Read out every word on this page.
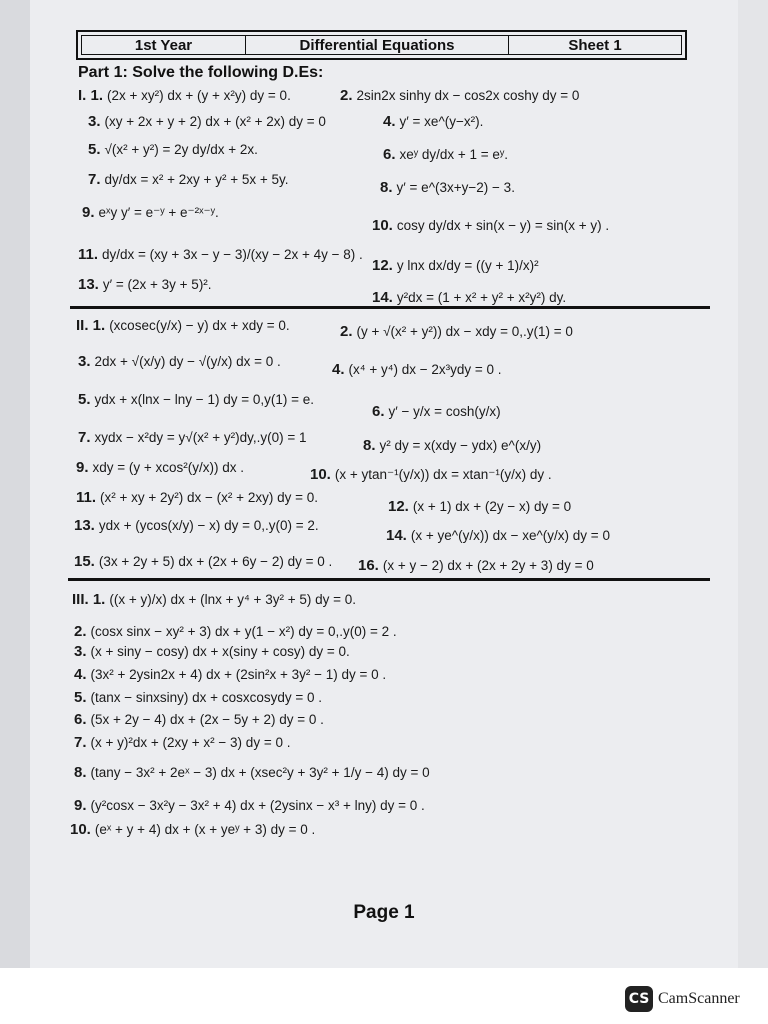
1st Year	Differential Equations	Sheet 1
Part 1: Solve the following D.Es:
I. 1. (2x + xy²) dx + (y + x²y) dy = 0.	2. 2sin2x sinhy dx − cos2x coshy dy = 0
3. (xy + 2x + y + 2) dx + (x² + 2x) dy = 0	4. y′ = xe^(y−x²).
5. √(x² + y²) = 2y dy/dx + 2x.	6. xeʸ dy/dx + 1 = eʸ.
7. dy/dx = x² + 2xy + y² + 5x + 5y.	8. y′ = e^(3x+y−2) − 3.
9. eˣy y′ = e⁻ʸ + e⁻²ˣ⁻ʸ.
10. cosy dy/dx + sin(x − y) = sin(x + y) .
11. dy/dx = (xy + 3x − y − 3)/(xy − 2x + 4y − 8) .
12. y lnx dx/dy = ((y + 1)/x)²
13. y′ = (2x + 3y + 5)².
14. y²dx = (1 + x² + y² + x²y²) dy.
II. 1. (xcosec(y/x) − y) dx + xdy = 0.	2. (y + √(x² + y²)) dx − xdy = 0,.y(1) = 0
3. 2dx + √(x/y) dy − √(y/x) dx = 0 .	4. (x⁴ + y⁴) dx − 2x³ydy = 0 .
5. ydx + x(lnx − lny − 1) dy = 0,y(1) = e.
6. y′ − y/x = cosh(y/x)
7. xydx − x²dy = y√(x² + y²)dy,.y(0) = 1	8. y² dy = x(xdy − ydx) e^(x/y)
9. xdy = (y + xcos²(y/x)) dx .	10. (x + ytan⁻¹(y/x)) dx = xtan⁻¹(y/x) dy .
11. (x² + xy + 2y²) dx − (x² + 2xy) dy = 0.
12. (x + 1) dx + (2y − x) dy = 0
13. ydx + (ycos(x/y) − x) dy = 0,.y(0) = 2.
14. (x + ye^(y/x)) dx − xe^(y/x) dy = 0
15. (3x + 2y + 5) dx + (2x + 6y − 2) dy = 0 . 16. (x + y − 2) dx + (2x + 2y + 3) dy = 0
III. 1. ((x + y)/x) dx + (lnx + y⁴ + 3y² + 5) dy = 0.
2. (cosx sinx − xy² + 3) dx + y(1 − x²) dy = 0,.y(0) = 2 .
3. (x + siny − cosy) dx + x(siny + cosy) dy = 0.
4. (3x² + 2ysin2x + 4) dx + (2sin²x + 3y² − 1) dy = 0 .
5. (tanx − sinxsiny) dx + cosxcosydy = 0 .
6. (5x + 2y − 4) dx + (2x − 5y + 2) dy = 0 .
7. (x + y)²dx + (2xy + x² − 3) dy = 0 .
8. (tany − 3x² + 2eˣ − 3) dx + (xsec²y + 3y² + 1/y − 4) dy = 0
9. (y²cosx − 3x²y − 3x² + 4) dx + (2ysinx − x³ + lny) dy = 0 .
10. (eˣ + y + 4) dx + (x + yeʸ + 3) dy = 0 .
Page 1
CS CamScanner
